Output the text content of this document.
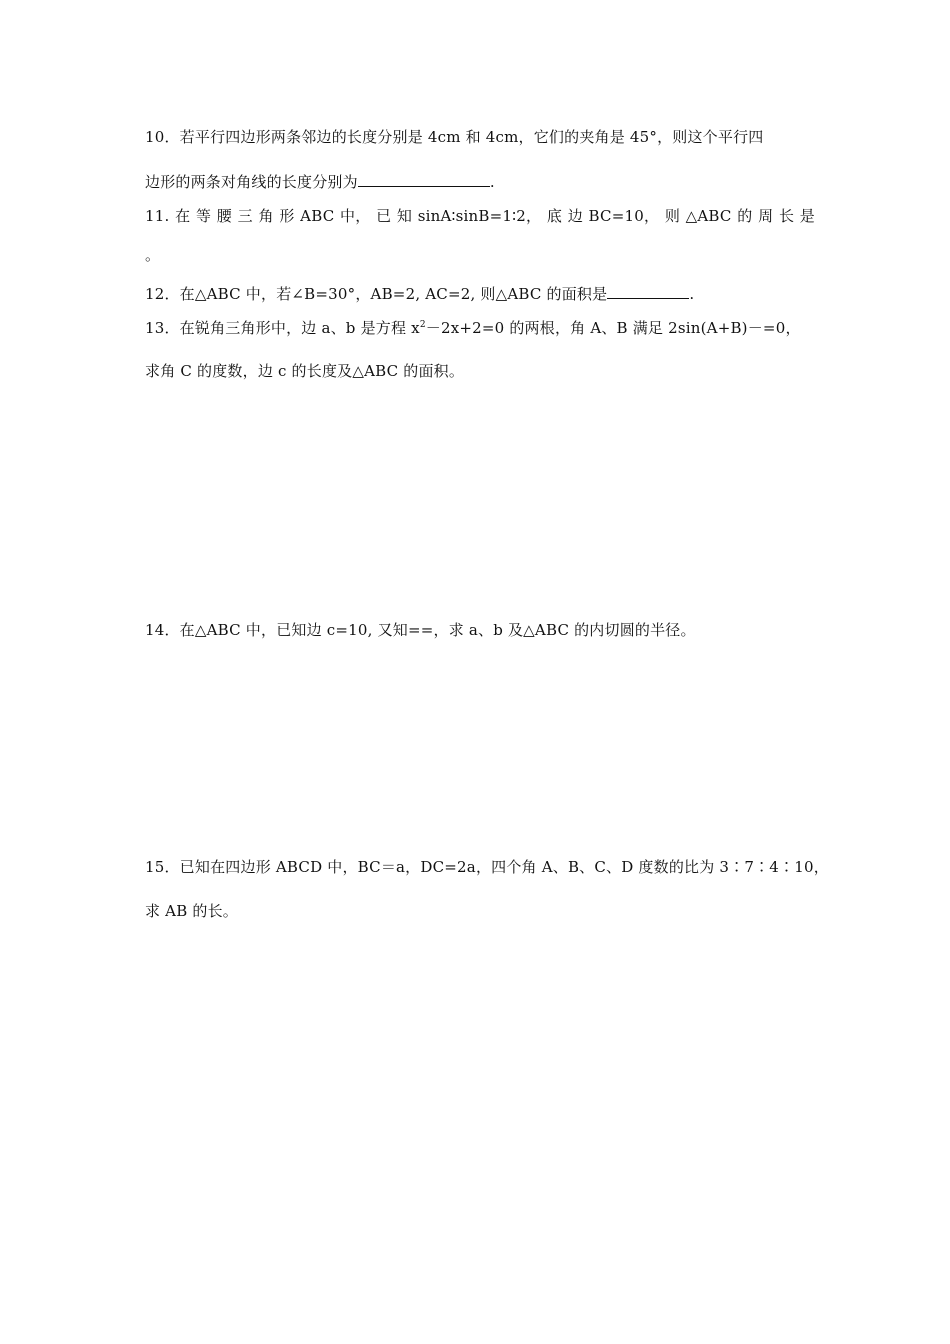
10．若平行四边形两条邻边的长度分别是 4cm 和 4cm，它们的夹角是 45°，则这个平行四
边形的两条对角线的长度分别为	.
11. 在 等 腰 三 角 形 ABC 中， 已 知 sinA∶sinB=1∶2， 底 边 BC=10， 则 △ABC 的 周 长 是
。
12．在△ABC 中，若∠B=30°，AB=2, AC=2, 则△ABC 的面积是	.
13．在锐角三角形中，边 a、b 是方程 $x^2-2x+2=0$ 的两根，角 A、B 满足 2sin(A+B)－=0，
求角 C 的度数，边 c 的长度及△ABC 的面积。
14．在△ABC 中，已知边 c=10, 又知==，求 a、b 及△ABC 的内切圆的半径。
15．已知在四边形 ABCD 中，BC＝a，DC=2a，四个角 A、B、C、D 度数的比为 3∶7∶4∶10，
求 AB 的长。
